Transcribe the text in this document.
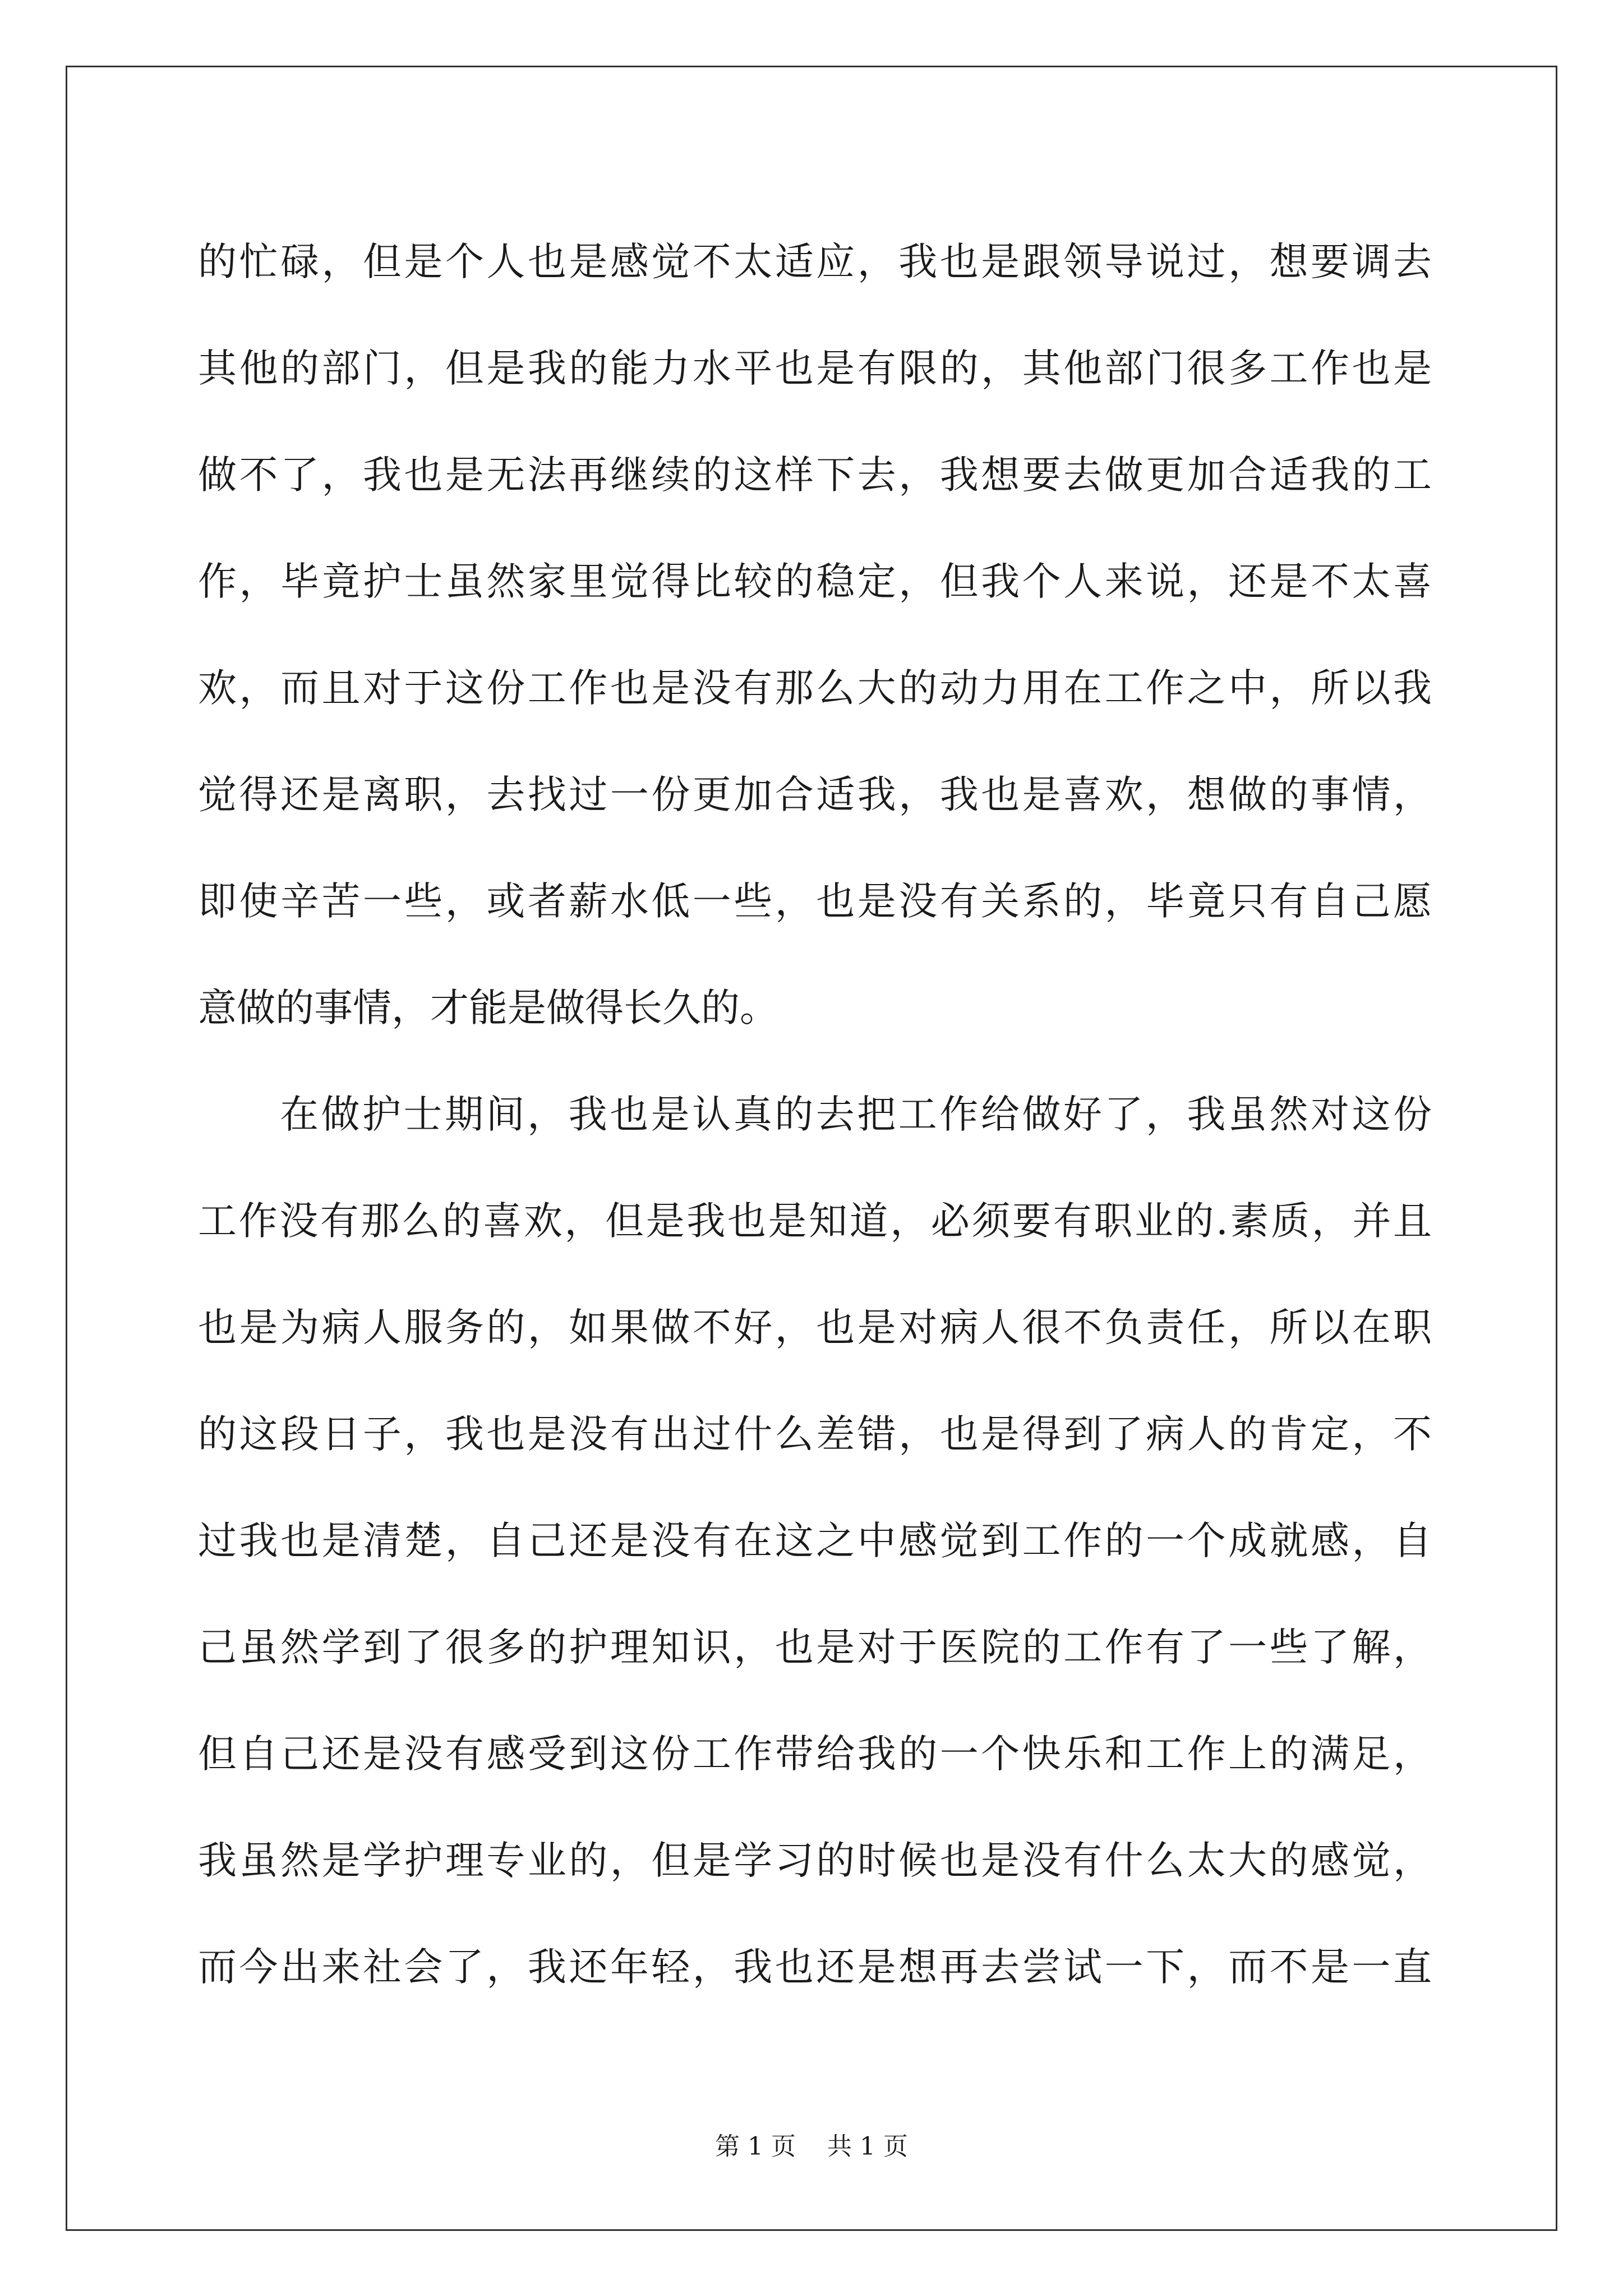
的忙碌，但是个人也是感觉不太适应，我也是跟领导说过，想要调去
其他的部门，但是我的能力水平也是有限的，其他部门很多工作也是
做不了，我也是无法再继续的这样下去，我想要去做更加合适我的工
作，毕竟护士虽然家里觉得比较的稳定，但我个人来说，还是不太喜
欢，而且对于这份工作也是没有那么大的动力用在工作之中，所以我
觉得还是离职，去找过一份更加合适我，我也是喜欢，想做的事情，
即使辛苦一些，或者薪水低一些，也是没有关系的，毕竟只有自己愿
意做的事情，才能是做得长久的。
在做护士期间，我也是认真的去把工作给做好了，我虽然对这份
工作没有那么的喜欢，但是我也是知道，必须要有职业的.素质，并且
也是为病人服务的，如果做不好，也是对病人很不负责任，所以在职
的这段日子，我也是没有出过什么差错，也是得到了病人的肯定，不
过我也是清楚，自己还是没有在这之中感觉到工作的一个成就感，自
己虽然学到了很多的护理知识，也是对于医院的工作有了一些了解，
但自己还是没有感受到这份工作带给我的一个快乐和工作上的满足，
我虽然是学护理专业的，但是学习的时候也是没有什么太大的感觉，
而今出来社会了，我还年轻，我也还是想再去尝试一下，而不是一直
第 1 页    共 1 页
